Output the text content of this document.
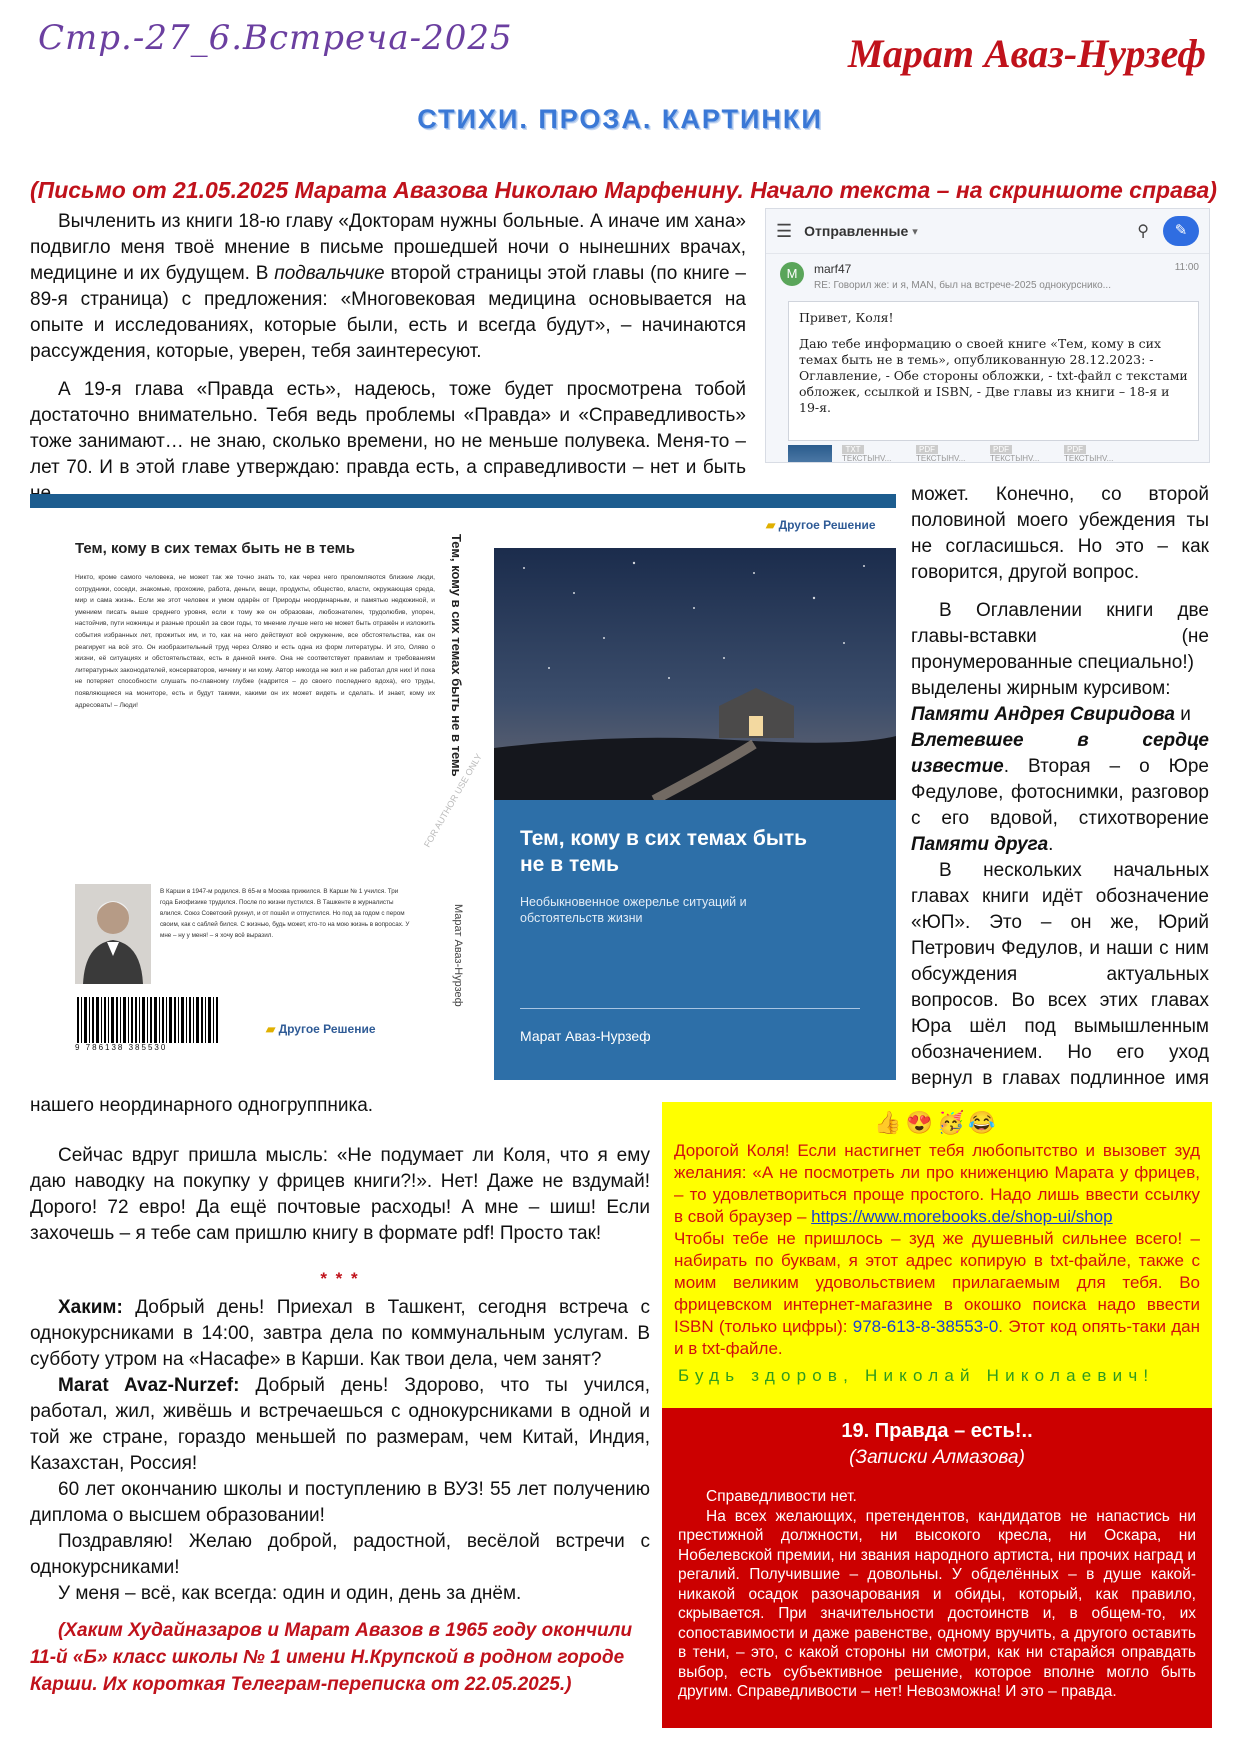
Стр.-27_6.Встреча-2025	Марат Аваз-Нурзеф
СТИХИ. ПРОЗА. КАРТИНКИ
(Письмо от 21.05.2025 Марата Авазова Николаю Марфенину. Начало текста – на скриншоте справа)

Вычленить из книги 18-ю главу «Докторам нужны больные. А иначе им хана» подвигло меня твоё мнение в письме прошедшей ночи о нынешних врачах, медицине и их будущем. В подвальчике второй страницы этой главы (по книге – 89-я страница) с предложения: «Многовековая медицина основывается на опыте и исследованиях, которые были, есть и всегда будут», – начинаются рассуждения, которые, уверен, тебя заинтересуют.

А 19-я глава «Правда есть», надеюсь, тоже будет просмотрена тобой
достаточно внимательно. Тебя ведь проблемы «Правда» и «Справедливость»
тоже занимают… не знаю, сколько времени, но не меньше полувека. Меня-то –
лет 70. И в этой главе утверждаю: правда есть, а справедливости – нет и быть
☰ Отправленные ▾	⚲	✎
M	marf47	11:00
RE: Говорил же: и я, MAN, был на встрече-2025 однокурснико...
Привет, Коля!
Даю тебе информацию о своей книге «Тем, кому в сих темах быть не в темь», опубликованную 28.12.2023: - Оглавление, - Обе стороны обложки, - txt-файл с текстами обложек, ссылкой и ISBN, - Две главы из книги – 18-я и 19-я.
TXT
ТЕКСТЫНV...
PDF
ТЕКСТЫНV...
PDF
ТЕКСТЫНV...
PDF
ТЕКСТЫНV...
Тем, кому в сих темах быть не в темь
Никто, кроме самого человека, не может так же точно знать то, как через него преломляются близкие люди, сотрудники, соседи, знакомые, прохожие, работа, деньги, вещи, продукты, общество, власти, окружающая среда, мир и сама жизнь. Если же этот человек и умом одарён от Природы неординарным, и памятью недюжиной, и умением писать выше среднего уровня, если к тому же он образован, любознателен, трудолюбив, упорен, настойчив, пути ножницы и разные прошёл за свои годы, то мнение лучше него не может быть отражён и изложить события избранных лет, прожитых им, и то, как на него действуют всё окружение, все обстоятельства, как он реагирует на всё это. Он изобразительный труд через Оляво и есть одна из форм литературы. И это, Оляво о жизни, её ситуациях и обстоятельствах, есть в данной книге. Она не соответствует правилам и требованиям литературных законодателей, консерваторов, ничему и ни кому. Автор никогда не жил и не работал для них! И пока не потеряет способности слушать по-главному глубже (кадрится – до своего последнего вдоха), его труды, появляющиеся на мониторе, есть и будут такими, какими он их может видеть и сделать. И знает, кому их адресовать! – Люди!
В Карши в 1947-м родился. В 65-м в Москва прижился. В Карши № 1 учился. Три года Биофизике трудился. После по жизни пустился. В Ташкенте в журналисты влился. Союз Советский рухнул, и от пошёл и отпустился. Но под за годом с пером своим, как с саблей бился. С жизнью, будь может, кто-то на мою жизнь в вопросах. У мне – ну у меня! – я хочу всё выразил.
9 786138 385530
▰ Другое Решение
Тем, кому в сих темах быть не в темь
FOR AUTHOR USE ONLY
Марат Аваз-Нурзеф
▰ Другое Решение
Тем, кому в сих темах быть не в темь
Необыкновенное ожерелье ситуаций и обстоятельств жизни
Марат Аваз-Нурзеф
может. Конечно, со второй
половиной моего убеждения ты
не согласишься. Но это – как
говорится, другой вопрос.
В Оглавлении книги две
главы-вставки (не
пронумерованные специально!)
выделены жирным курсивом:
Памяти Андрея Свиридова и
Влетевшее в сердце
известие. Вторая – о Юре
Федулове, фотоснимки, разговор
с его вдовой, стихотворение
Памяти друга.
В нескольких начальных
главах книги идёт обозначение
«ЮП». Это – он же, Юрий
Петрович Федулов, и наши с ним
обсуждения актуальных
вопросов. Во всех этих главах
Юра шёл под вымышленным
обозначением. Но его уход
вернул в главах подлинное имя
нашего неординарного одногруппника.

Сейчас вдруг пришла мысль: «Не подумает ли Коля, что я ему даю наводку на покупку у фрицев книги?!». Нет! Даже не вздумай! Дорого! 72 евро! Да ещё почтовые расходы! А мне – шиш! Если захочешь – я тебе сам пришлю книгу в формате pdf! Просто так!

* * *

Хаким: Добрый день! Приехал в Ташкент, сегодня встреча с однокурсниками в 14:00, завтра дела по коммунальным услугам. В субботу утром на «Насафе» в Карши. Как твои дела, чем занят?

Marat Avaz-Nurzef: Добрый день! Здорово, что ты учился, работал, жил, живёшь и встречаешься с однокурсниками в одной и той же стране, гораздо меньшей по размерам, чем Китай, Индия, Казахстан, Россия!

60 лет окончанию школы и поступлению в ВУЗ! 55 лет получению диплома о высшем образовании!

Поздравляю! Желаю доброй, радостной, весёлой встречи с однокурсниками!

У меня – всё, как всегда: один и один, день за днём.

(Хаким Худайназаров и Марат Авазов в 1965 году окончили 11-й «Б» класс школы № 1 имени Н.Крупской в родном городе Карши. Их короткая Телеграм-переписка от 22.05.2025.)

👍😍🥳😂
Дорогой Коля! Если настигнет тебя любопытство и вызовет зуд желания: «А не посмотреть ли про книженцию Марата у фрицев, – то удовлетвориться проще простого. Надо лишь ввести ссылку в свой браузер – https://www.morebooks.de/shop-ui/shop
Чтобы тебе не пришлось – зуд же душевный сильнее всего! – набирать по буквам, я этот адрес копирую в txt-файле, также с моим великим удовольствием прилагаемым для тебя. Во фрицевском интернет-магазине в окошко поиска надо ввести ISBN (только цифры): 978-613-8-38553-0. Этот код опять-таки дан и в txt-файле.
Будь здоров, Николай Николаевич!
19. Правда – есть!..
(Записки Алмазова)
Справедливости нет.
На всех желающих, претендентов, кандидатов не напастись ни престижной должности, ни высокого кресла, ни Оскара, ни Нобелевской премии, ни звания народного артиста, ни прочих наград и регалий. Получившие – довольны. У обделённых – в душе какой-никакой осадок разочарования и обиды, который, как правило, скрывается. При значительности достоинств и, в общем-то, их сопоставимости и даже равенстве, одному вручить, а другого оставить в тени, – это, с какой стороны ни смотри, как ни старайся оправдать выбор, есть субъективное решение, которое вполне могло быть другим. Справедливости – нет! Невозможна! И это – правда.
